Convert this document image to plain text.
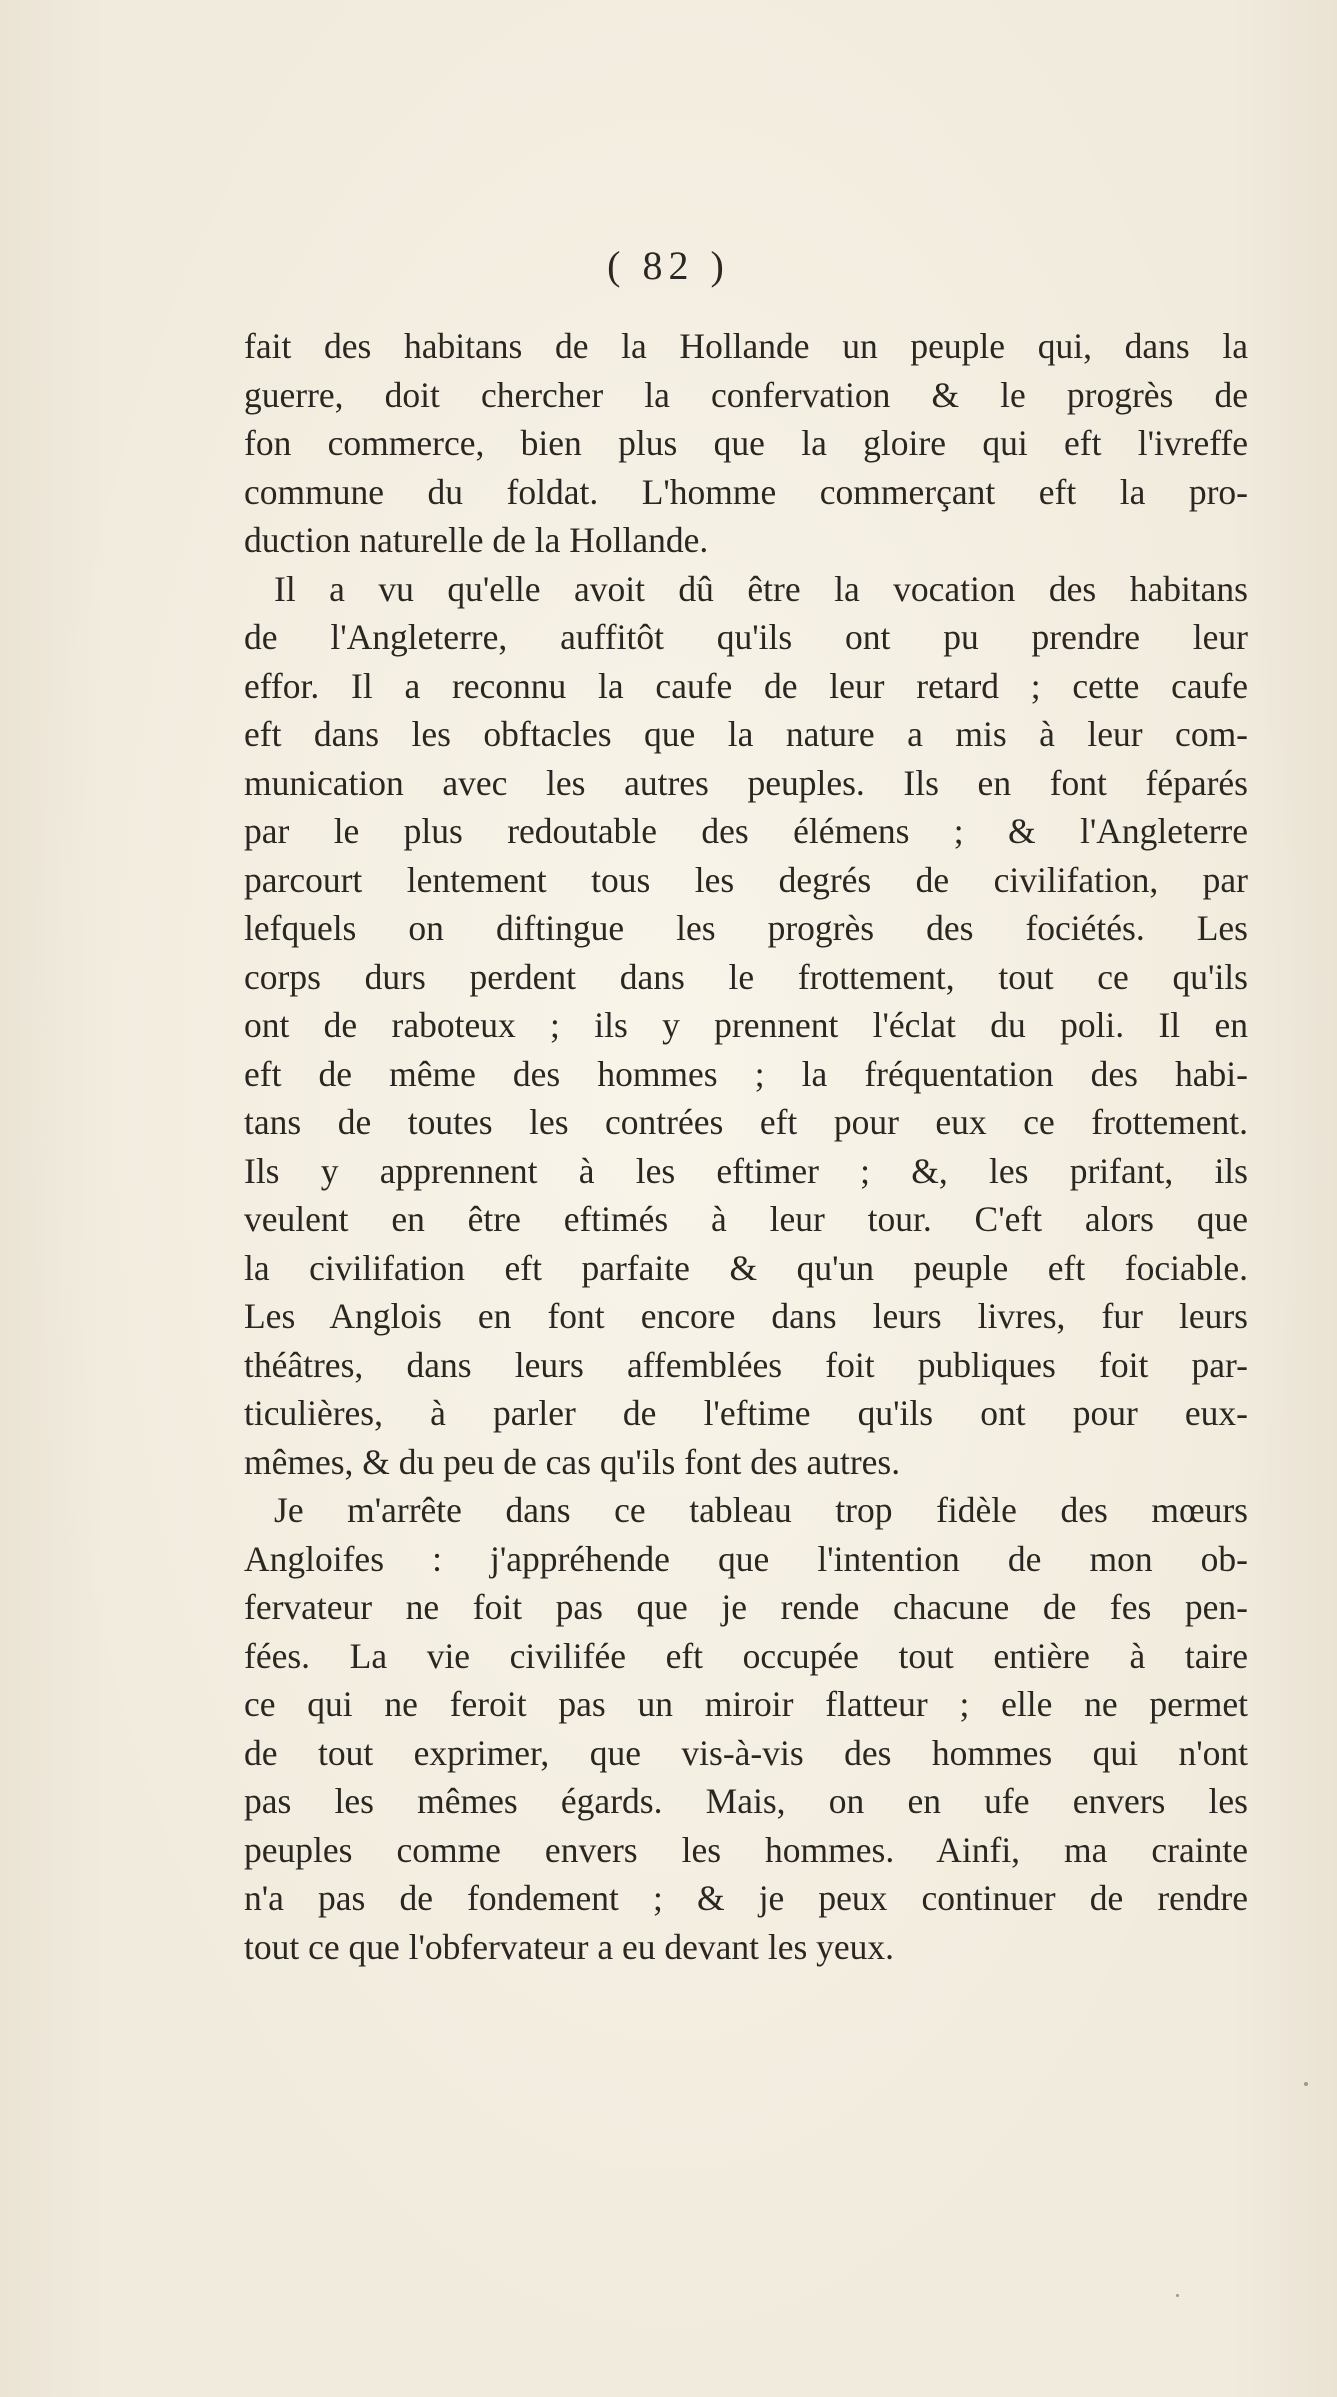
( 82 )
fait des habitans de la Hollande un peuple qui, dans la
guerre, doit chercher la confervation & le progrès de
fon commerce, bien plus que la gloire qui eft l'ivreffe
commune du foldat. L'homme commerçant eft la pro-
duction naturelle de la Hollande.
Il a vu qu'elle avoit dû être la vocation des habitans
de l'Angleterre, auffitôt qu'ils ont pu prendre leur
effor. Il a reconnu la caufe de leur retard ; cette caufe
eft dans les obftacles que la nature a mis à leur com-
munication avec les autres peuples. Ils en font féparés
par le plus redoutable des élémens ; & l'Angleterre
parcourt lentement tous les degrés de civilifation, par
lefquels on diftingue les progrès des fociétés. Les
corps durs perdent dans le frottement, tout ce qu'ils
ont de raboteux ; ils y prennent l'éclat du poli. Il en
eft de même des hommes ; la fréquentation des habi-
tans de toutes les contrées eft pour eux ce frottement.
Ils y apprennent à les eftimer ; &, les prifant, ils
veulent en être eftimés à leur tour. C'eft alors que
la civilifation eft parfaite & qu'un peuple eft fociable.
Les Anglois en font encore dans leurs livres, fur leurs
théâtres, dans leurs affemblées foit publiques foit par-
ticulières, à parler de l'eftime qu'ils ont pour eux-
mêmes, & du peu de cas qu'ils font des autres.
Je m'arrête dans ce tableau trop fidèle des mœurs
Angloifes : j'appréhende que l'intention de mon ob-
fervateur ne foit pas que je rende chacune de fes pen-
fées. La vie civilifée eft occupée tout entière à taire
ce qui ne feroit pas un miroir flatteur ; elle ne permet
de tout exprimer, que vis-à-vis des hommes qui n'ont
pas les mêmes égards. Mais, on en ufe envers les
peuples comme envers les hommes. Ainfi, ma crainte
n'a pas de fondement ; & je peux continuer de rendre
tout ce que l'obfervateur a eu devant les yeux.
